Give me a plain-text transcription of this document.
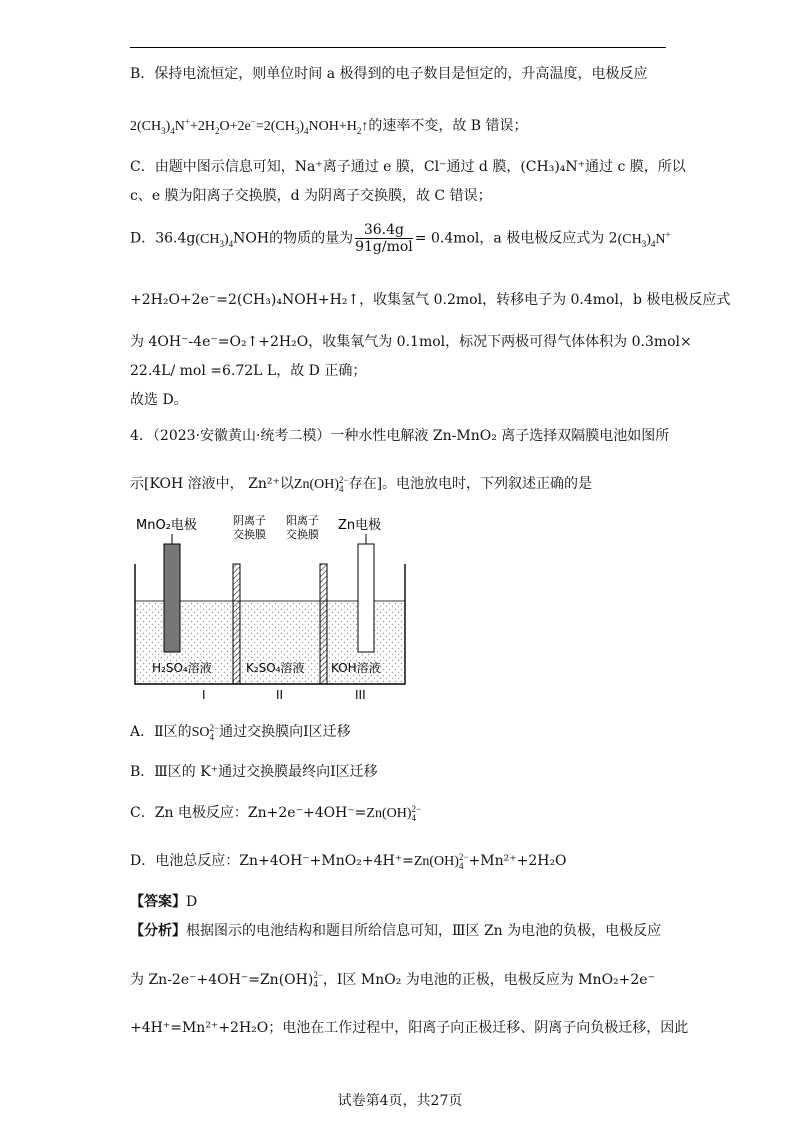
B．保持电流恒定，则单位时间 a 极得到的电子数目是恒定的，升高温度，电极反应
$2(CH_3)_4N^++2H_2O+2e^-=2(CH_3)_4NOH+H_2↑$的速率不变，故 B 错误；
C．由题中图示信息可知，Na⁺离子通过 e 膜，Cl⁻通过 d 膜，(CH₃)₄N⁺通过 c 膜，所以
c、e 膜为阳离子交换膜，d 为阴离子交换膜，故 C 错误；
D．$36.4g(CH_3)_4NOH$的物质的量为 $\frac{36.4g}{\text{91g/mol}} = 0.4mol$，a 极电极反应式为 $2(CH_3)_4N^+$
+2H₂O+2e⁻=2(CH₃)₄NOH+H₂↑，收集氢气 0.2mol，转移电子为 0.4mol，b 极电极反应式
为 4OH⁻-4e⁻=O₂↑+2H₂O，收集氧气为 0.1mol，标况下两极可得气体体积为 0.3mol×
22.4L/ mol =6.72L L，故 D 正确；
故选 D。
4．（2023·安徽黄山·统考二模）一种水性电解液 Zn-MnO₂ 离子选择双隔膜电池如图所
示[KOH 溶液中， Zn²⁺以Zn(OH) 2−
4 存在]。电池放电时，下列叙述正确的是
MnO₂电极	阴离子
交换膜
阳离子
交换膜
Zn电极
H₂SO₄溶液	K₂SO₄溶液 KOH溶液
I	II	III
A．Ⅱ区的SO 2−
4 通过交换膜向Ⅰ区迁移
B．Ⅲ区的 K⁺通过交换膜最终向Ⅰ区迁移
C．Zn 电极反应：Zn+2e⁻+4OH⁻=Zn(OH) 2−
4
D．电池总反应：Zn+4OH⁻+MnO₂+4H⁺=Zn(OH) 2−
4 +Mn²⁺+2H₂O
【答案】D
【分析】根据图示的电池结构和题目所给信息可知，Ⅲ区 Zn 为电池的负极，电极反应
为 Zn-2e⁻+4OH⁻=Zn(OH) 2−
4 ，Ⅰ区 MnO₂ 为电池的正极，电极反应为 MnO₂+2e⁻
+4H⁺=Mn²⁺+2H₂O；电池在工作过程中，阳离子向正极迁移、阴离子向负极迁移，因此
试卷第4页，共27页
